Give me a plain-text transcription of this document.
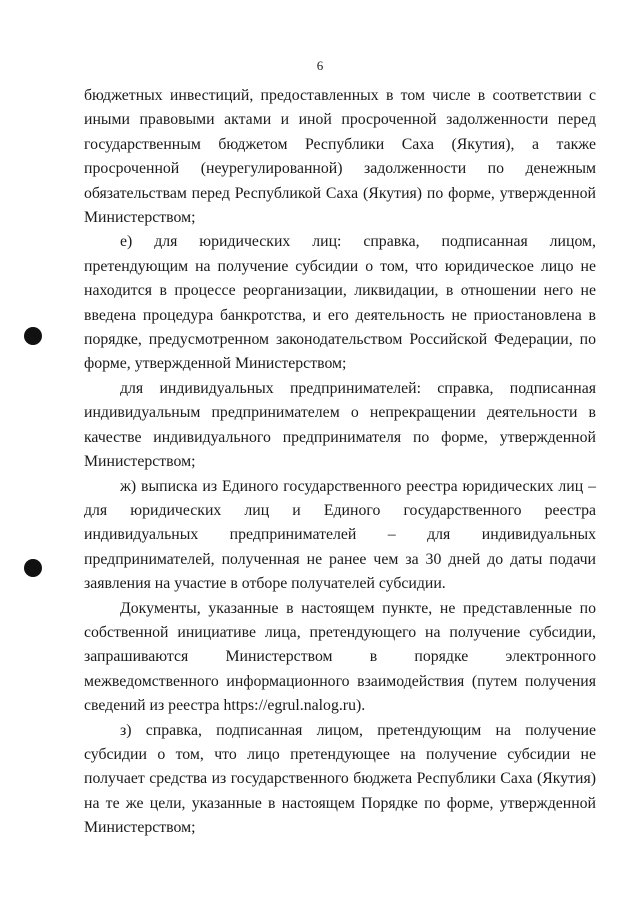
6

бюджетных инвестиций, предоставленных в том числе в соответствии с иными правовыми актами и иной просроченной задолженности перед государственным бюджетом Республики Саха (Якутия), а также просроченной (неурегулированной) задолженности по денежным обязательствам перед Республикой Саха (Якутия) по форме, утвержденной Министерством;

е) для юридических лиц: справка, подписанная лицом, претендующим на получение субсидии о том, что юридическое лицо не находится в процессе реорганизации, ликвидации, в отношении него не введена процедура банкротства, и его деятельность не приостановлена в порядке, предусмотренном законодательством Российской Федерации, по форме, утвержденной Министерством;

для индивидуальных предпринимателей: справка, подписанная индивидуальным предпринимателем о непрекращении деятельности в качестве индивидуального предпринимателя по форме, утвержденной Министерством;

ж) выписка из Единого государственного реестра юридических лиц – для юридических лиц и Единого государственного реестра индивидуальных предпринимателей – для индивидуальных предпринимателей, полученная не ранее чем за 30 дней до даты подачи заявления на участие в отборе получателей субсидии.

Документы, указанные в настоящем пункте, не представленные по собственной инициативе лица, претендующего на получение субсидии, запрашиваются Министерством в порядке электронного межведомственного информационного взаимодействия (путем получения сведений из реестра https://egrul.nalog.ru).

з) справка, подписанная лицом, претендующим на получение субсидии о том, что лицо претендующее на получение субсидии не получает средства из государственного бюджета Республики Саха (Якутия) на те же цели, указанные в настоящем Порядке по форме, утвержденной Министерством;
